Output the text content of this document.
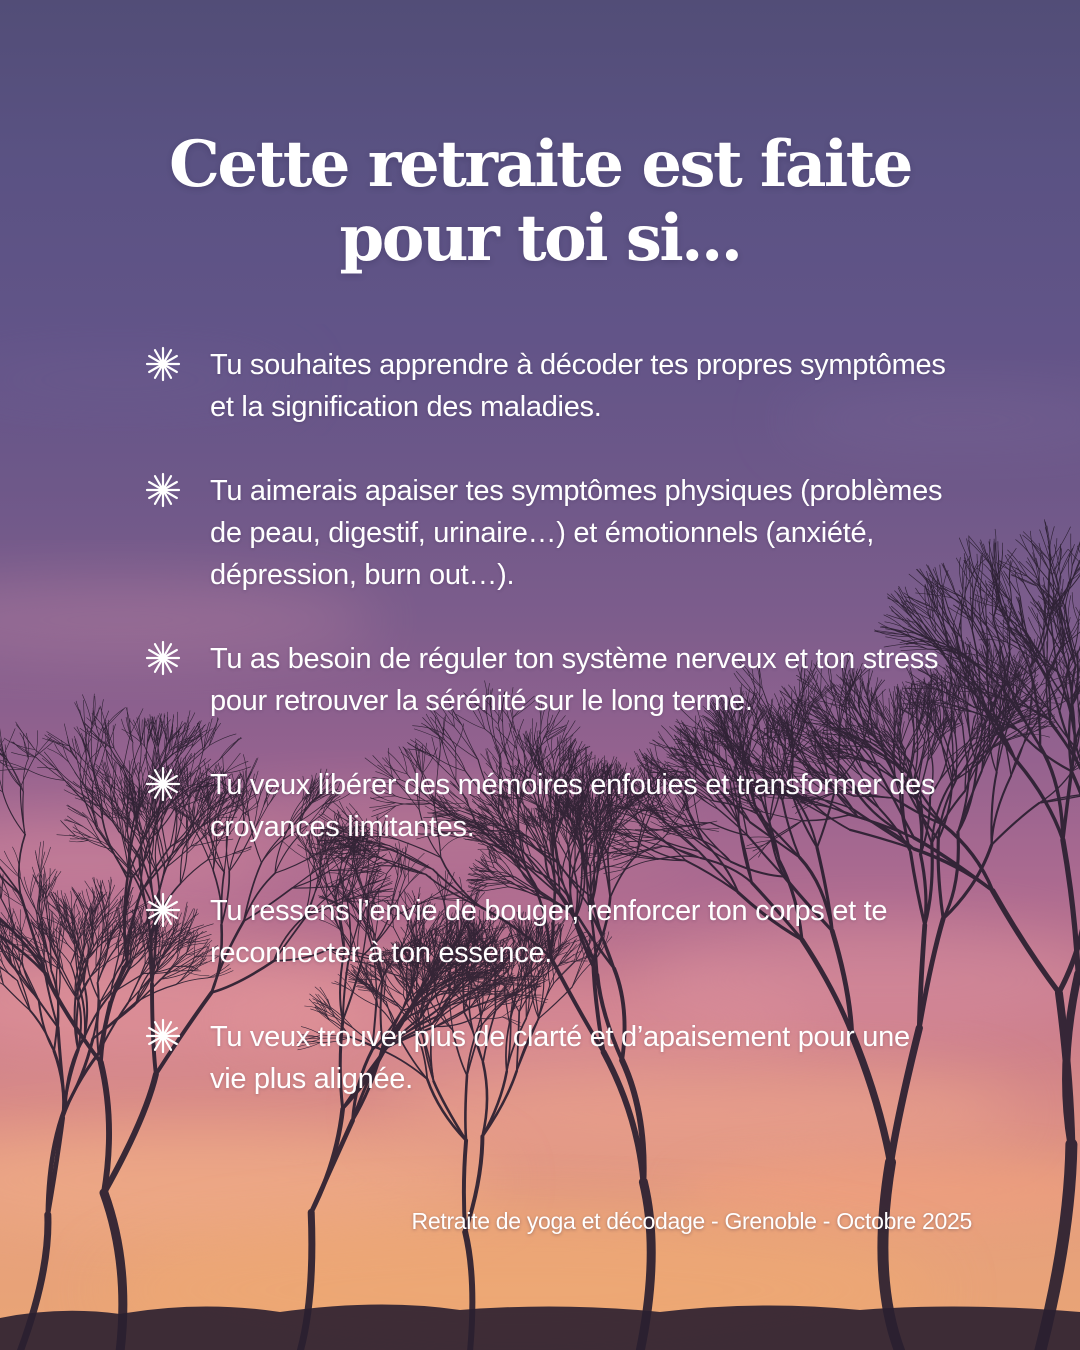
Cette retraite est faite
pour toi si...

Tu souhaites apprendre à décoder tes propres symptômes et la signification des maladies.

Tu aimerais apaiser tes symptômes physiques (problèmes de peau, digestif, urinaire…) et émotionnels (anxiété, dépression, burn out…).

Tu as besoin de réguler ton système nerveux et ton stress pour retrouver la sérénité sur le long terme.

Tu veux libérer des mémoires enfouies et transformer des croyances limitantes.

Tu ressens l’envie de bouger, renforcer ton corps et te reconnecter à ton essence.

Tu veux trouver plus de clarté et d’apaisement pour une vie plus alignée.

Retraite de yoga et décodage - Grenoble - Octobre 2025
